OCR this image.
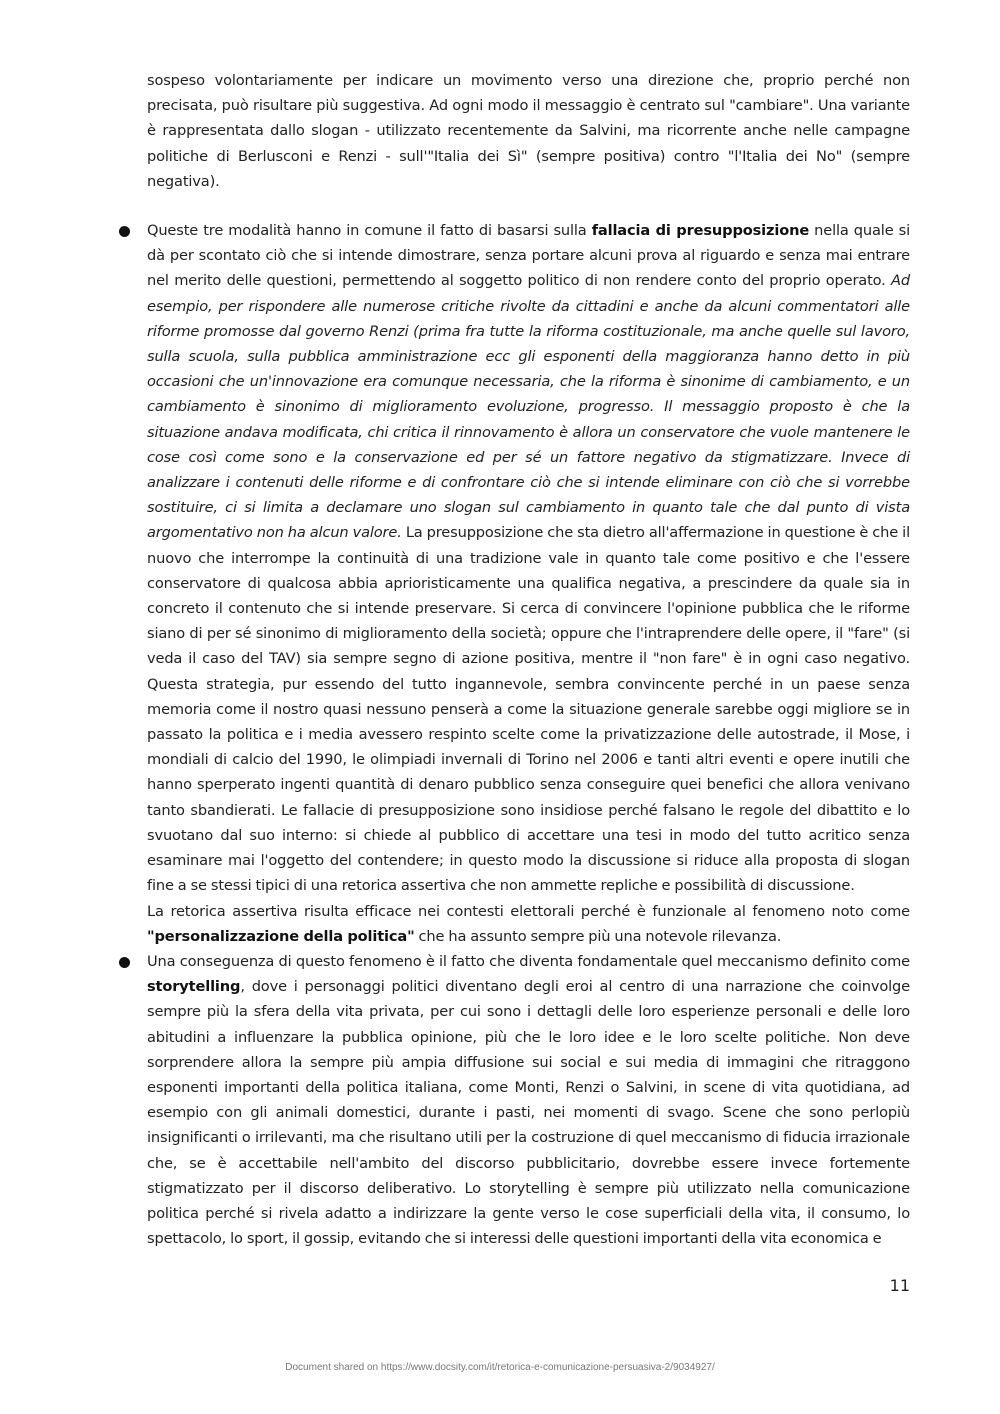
sospeso volontariamente per indicare un movimento verso una direzione che, proprio perché non precisata, può risultare più suggestiva. Ad ogni modo il messaggio è centrato sul "cambiare". Una variante è rappresentata dallo slogan - utilizzato recentemente da Salvini, ma ricorrente anche nelle campagne politiche di Berlusconi e Renzi - sull'"Italia dei Sì" (sempre positiva) contro "l'Italia dei No" (sempre negativa).

Queste tre modalità hanno in comune il fatto di basarsi sulla fallacia di presupposizione nella quale si dà per scontato ciò che si intende dimostrare, senza portare alcuni prova al riguardo e senza mai entrare nel merito delle questioni, permettendo al soggetto politico di non rendere conto del proprio operato. Ad esempio, per rispondere alle numerose critiche rivolte da cittadini e anche da alcuni commentatori alle riforme promosse dal governo Renzi (prima fra tutte la riforma costituzionale, ma anche quelle sul lavoro, sulla scuola, sulla pubblica amministrazione ecc gli esponenti della maggioranza hanno detto in più occasioni che un'innovazione era comunque necessaria, che la riforma è sinonime di cambiamento, e un cambiamento è sinonimo di miglioramento evoluzione, progresso. Il messaggio proposto è che la situazione andava modificata, chi critica il rinnovamento è allora un conservatore che vuole mantenere le cose così come sono e la conservazione ed per sé un fattore negativo da stigmatizzare. Invece di analizzare i contenuti delle riforme e di confrontare ciò che si intende eliminare con ciò che si vorrebbe sostituire, ci si limita a declamare uno slogan sul cambiamento in quanto tale che dal punto di vista argomentativo non ha alcun valore. La presupposizione che sta dietro all'affermazione in questione è che il nuovo che interrompe la continuità di una tradizione vale in quanto tale come positivo e che l'essere conservatore di qualcosa abbia aprioristicamente una qualifica negativa, a prescindere da quale sia in concreto il contenuto che si intende preservare. Si cerca di convincere l'opinione pubblica che le riforme siano di per sé sinonimo di miglioramento della società; oppure che l'intraprendere delle opere, il "fare" (si veda il caso del TAV) sia sempre segno di azione positiva, mentre il "non fare" è in ogni caso negativo. Questa strategia, pur essendo del tutto ingannevole, sembra convincente perché in un paese senza memoria come il nostro quasi nessuno penserà a come la situazione generale sarebbe oggi migliore se in passato la politica e i media avessero respinto scelte come la privatizzazione delle autostrade, il Mose, i mondiali di calcio del 1990, le olimpiadi invernali di Torino nel 2006 e tanti altri eventi e opere inutili che hanno sperperato ingenti quantità di denaro pubblico senza conseguire quei benefici che allora venivano tanto sbandierati. Le fallacie di presupposizione sono insidiose perché falsano le regole del dibattito e lo svuotano dal suo interno: si chiede al pubblico di accettare una tesi in modo del tutto acritico senza esaminare mai l'oggetto del contendere; in questo modo la discussione si riduce alla proposta di slogan fine a se stessi tipici di una retorica assertiva che non ammette repliche e possibilità di discussione.

La retorica assertiva risulta efficace nei contesti elettorali perché è funzionale al fenomeno noto come "personalizzazione della politica" che ha assunto sempre più una notevole rilevanza.

Una conseguenza di questo fenomeno è il fatto che diventa fondamentale quel meccanismo definito come storytelling, dove i personaggi politici diventano degli eroi al centro di una narrazione che coinvolge sempre più la sfera della vita privata, per cui sono i dettagli delle loro esperienze personali e delle loro abitudini a influenzare la pubblica opinione, più che le loro idee e le loro scelte politiche. Non deve sorprendere allora la sempre più ampia diffusione sui social e sui media di immagini che ritraggono esponenti importanti della politica italiana, come Monti, Renzi o Salvini, in scene di vita quotidiana, ad esempio con gli animali domestici, durante i pasti, nei momenti di svago. Scene che sono perlopiù insignificanti o irrilevanti, ma che risultano utili per la costruzione di quel meccanismo di fiducia irrazionale che, se è accettabile nell'ambito del discorso pubblicitario, dovrebbe essere invece fortemente stigmatizzato per il discorso deliberativo. Lo storytelling è sempre più utilizzato nella comunicazione politica perché si rivela adatto a indirizzare la gente verso le cose superficiali della vita, il consumo, lo spettacolo, lo sport, il gossip, evitando che si interessi delle questioni importanti della vita economica e

11
Document shared on https://www.docsity.com/it/retorica-e-comunicazione-persuasiva-2/9034927/
